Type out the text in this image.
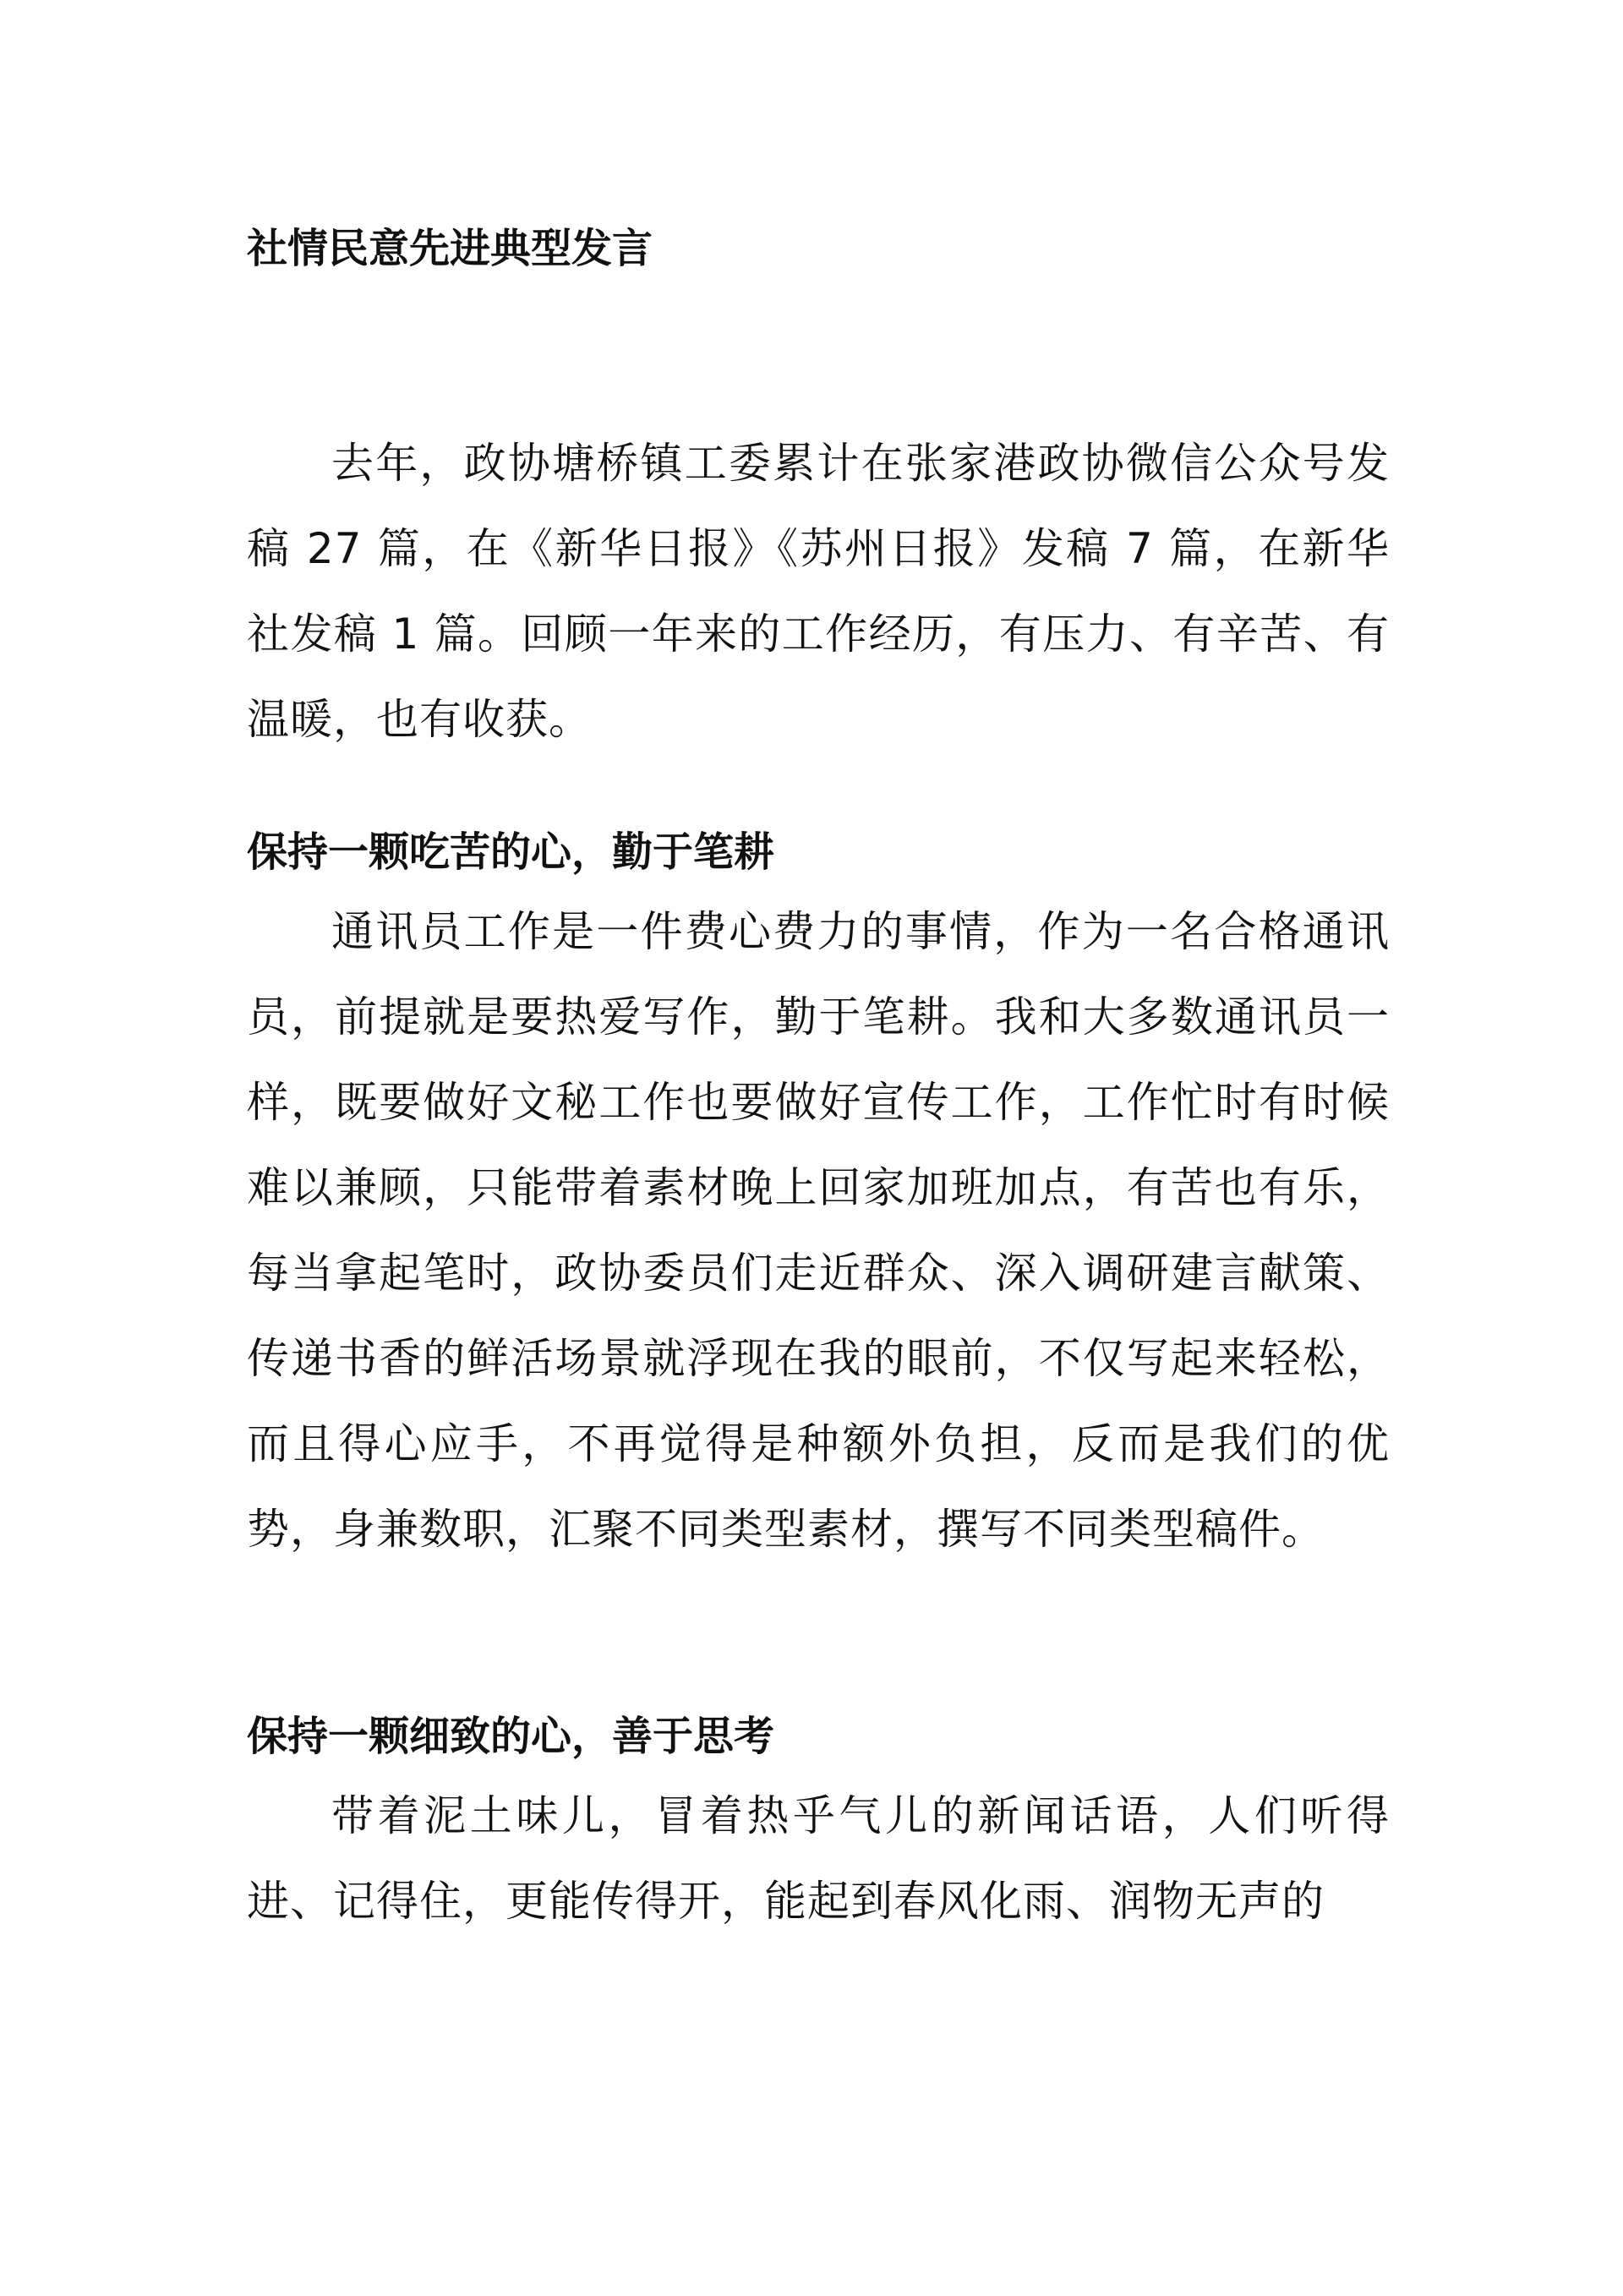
社情民意先进典型发言

去年，政协塘桥镇工委累计在张家港政协微信公众号发稿 27 篇，在《新华日报》《苏州日报》发稿 7 篇，在新华社发稿 1 篇。回顾一年来的工作经历，有压力、有辛苦、有温暖，也有收获。

保持一颗吃苦的心，勤于笔耕

通讯员工作是一件费心费力的事情，作为一名合格通讯员，前提就是要热爱写作，勤于笔耕。我和大多数通讯员一样，既要做好文秘工作也要做好宣传工作，工作忙时有时候难以兼顾，只能带着素材晚上回家加班加点，有苦也有乐，每当拿起笔时，政协委员们走近群众、深入调研建言献策、传递书香的鲜活场景就浮现在我的眼前，不仅写起来轻松，而且得心应手，不再觉得是种额外负担，反而是我们的优势，身兼数职，汇聚不同类型素材，撰写不同类型稿件。

保持一颗细致的心，善于思考

带着泥土味儿，冒着热乎气儿的新闻话语，人们听得进、记得住，更能传得开，能起到春风化雨、润物无声的
